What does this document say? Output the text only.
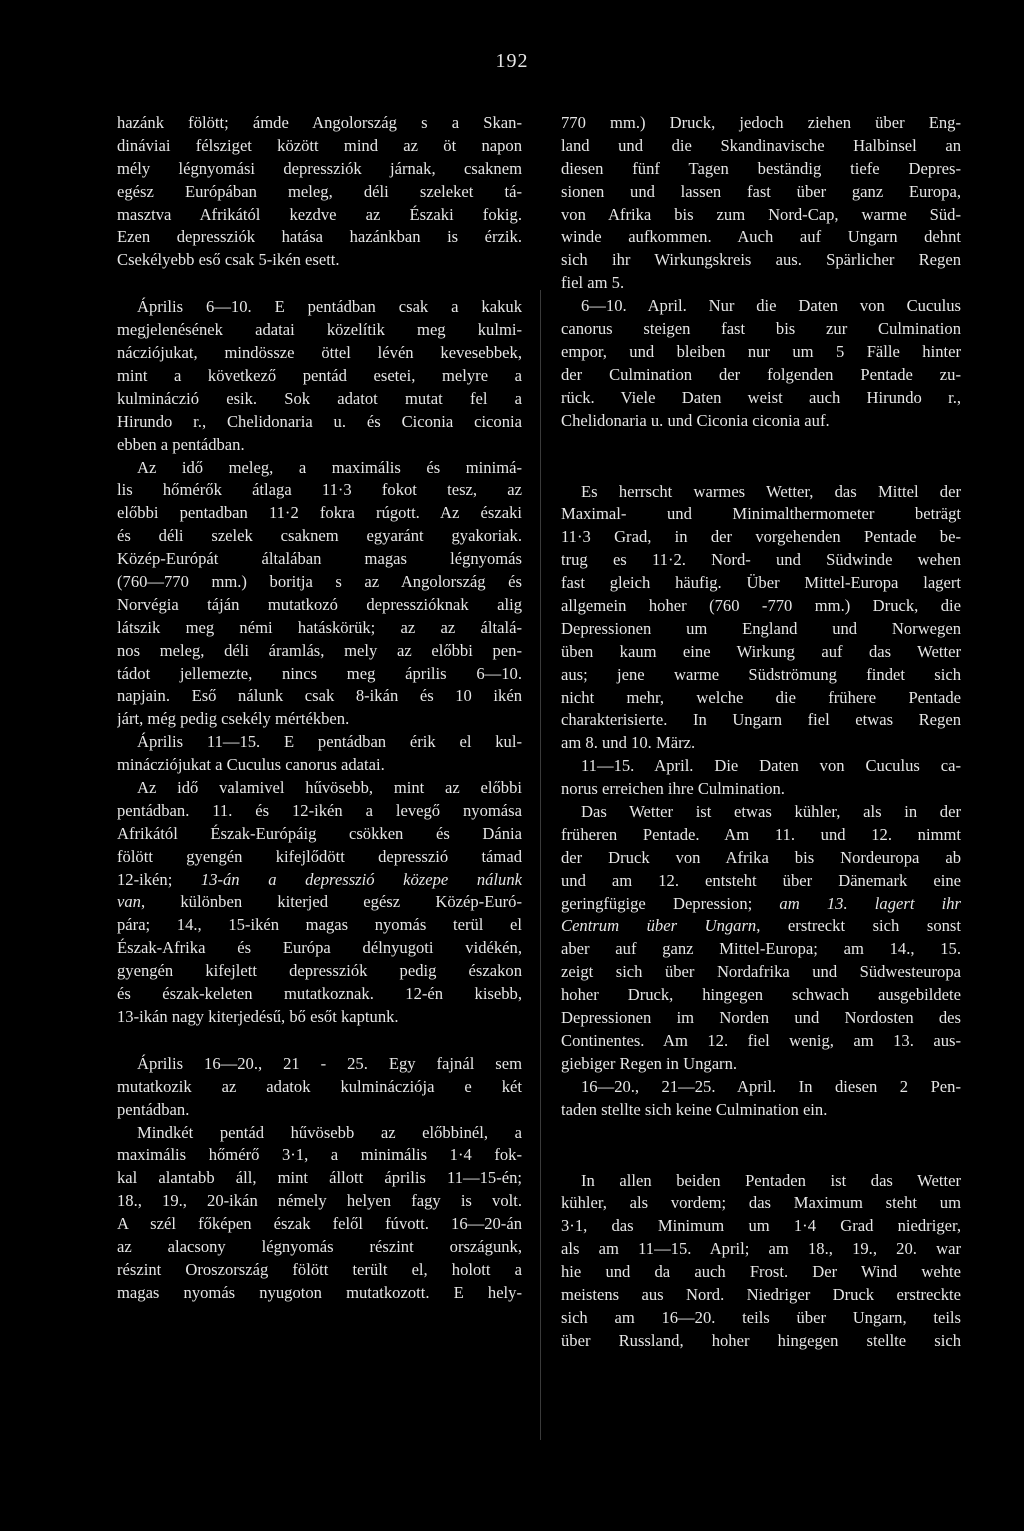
192
hazánk fölött; ámde Angolország s a Skan-
dináviai félsziget között mind az öt napon
mély légnyomási depressziók járnak, csaknem
egész Európában meleg, déli szeleket tá-
masztva Afrikától kezdve az Északi fokig.
Ezen depressziók hatása hazánkban is érzik.
Csekélyebb eső csak 5-ikén esett.
Április 6—10. E pentádban csak a kakuk
megjelenésének adatai közelítik meg kulmi-
nácziójukat, mindössze öttel lévén kevesebbek,
mint a következő pentád esetei, melyre a
kulmináczió esik. Sok adatot mutat fel a
Hirundo r., Chelidonaria u. és Ciconia ciconia
ebben a pentádban.
Az idő meleg, a maximális és minimá-
lis hőmérők átlaga 11·3 fokot tesz, az
előbbi pentadban 11·2 fokra rúgott. Az északi
és déli szelek csaknem egyaránt gyakoriak.
Közép-Európát általában magas légnyomás
(760—770 mm.) boritja s az Angolország és
Norvégia táján mutatkozó depresszióknak alig
látszik meg némi hatáskörük; az az általá-
nos meleg, déli áramlás, mely az előbbi pen-
tádot jellemezte, nincs meg április 6—10.
napjain. Eső nálunk csak 8-ikán és 10 ikén
járt, még pedig csekély mértékben.
Április 11—15. E pentádban érik el kul-
minácziójukat a Cuculus canorus adatai.
Az idő valamivel hűvösebb, mint az előbbi
pentádban. 11. és 12-ikén a levegő nyomása
Afrikától Észak-Európáig csökken és Dánia
fölött gyengén kifejlődött depresszió támad
12-ikén; 13-án a depresszió közepe nálunk
van, különben kiterjed egész Közép-Euró-
párа; 14., 15-ikén magas nyomás terül el
Észak-Afrika és Európa délnyugoti vidékén,
gyengén kifejlett depressziók pedig északon
és észak-keleten mutatkoznak. 12-én kisebb,
13-ikán nagy kiterjedésű, bő esőt kaptunk.
Április 16—20., 21 - 25. Egy fajnál sem
mutatkozik az adatok kulminácziója e két
pentádban.
Mindkét pentád hűvösebb az előbbinél, a
maximális hőmérő 3·1, a minimális 1·4 fok-
kal alantabb áll, mint állott április 11—15-én;
18., 19., 20-ikán némely helyen fagy is volt.
A szél főképen észak felől fúvott. 16—20-án
az alacsony légnyomás részint országunk,
részint Oroszország fölött terült el, holott a
magas nyomás nyugoton mutatkozott. E hely-
770 mm.) Druck, jedoch ziehen über Eng-
land und die Skandinavische Halbinsel an
diesen fünf Tagen beständig tiefe Depres-
sionen und lassen fast über ganz Europa,
von Afrika bis zum Nord-Cap, warme Süd-
winde aufkommen. Auch auf Ungarn dehnt
sich ihr Wirkungskreis aus. Spärlicher Regen
fiel am 5.
6—10. April. Nur die Daten von Cuculus
canorus steigen fast bis zur Culmination
empor, und bleiben nur um 5 Fälle hinter
der Culmination der folgenden Pentade zu-
rück. Viele Daten weist auch Hirundo r.,
Chelidonaria u. und Ciconia ciconia auf.
Es herrscht warmes Wetter, das Mittel der
Maximal- und Minimalthermometer beträgt
11·3 Grad, in der vorgehenden Pentade be-
trug es 11·2. Nord- und Südwinde wehen
fast gleich häufig. Über Mittel-Europa lagert
allgemein hoher (760 -770 mm.) Druck, die
Depressionen um England und Norwegen
üben kaum eine Wirkung auf das Wetter
aus; jene warme Südströmung findet sich
nicht mehr, welche die frühere Pentade
charakterisierte. In Ungarn fiel etwas Regen
am 8. und 10. März.
11—15. April. Die Daten von Cuculus ca-
norus erreichen ihre Culmination.
Das Wetter ist etwas kühler, als in der
früheren Pentade. Am 11. und 12. nimmt
der Druck von Afrika bis Nordeuropa ab
und am 12. entsteht über Dänemark eine
geringfügige Depression; am 13. lagert ihr
Centrum über Ungarn, erstreckt sich sonst
aber auf ganz Mittel-Europa; am 14., 15.
zeigt sich über Nordafrika und Südwesteuropa
hoher Druck, hingegen schwach ausgebildete
Depressionen im Norden und Nordosten des
Continentes. Am 12. fiel wenig, am 13. aus-
giebiger Regen in Ungarn.
16—20., 21—25. April. In diesen 2 Pen-
taden stellte sich keine Culmination ein.
In allen beiden Pentaden ist das Wetter
kühler, als vordem; das Maximum steht um
3·1, das Minimum um 1·4 Grad niedriger,
als am 11—15. April; am 18., 19., 20. war
hie und da auch Frost. Der Wind wehte
meistens aus Nord. Niedriger Druck erstreckte
sich am 16—20. teils über Ungarn, teils
über Russland, hoher hingegen stellte sich
